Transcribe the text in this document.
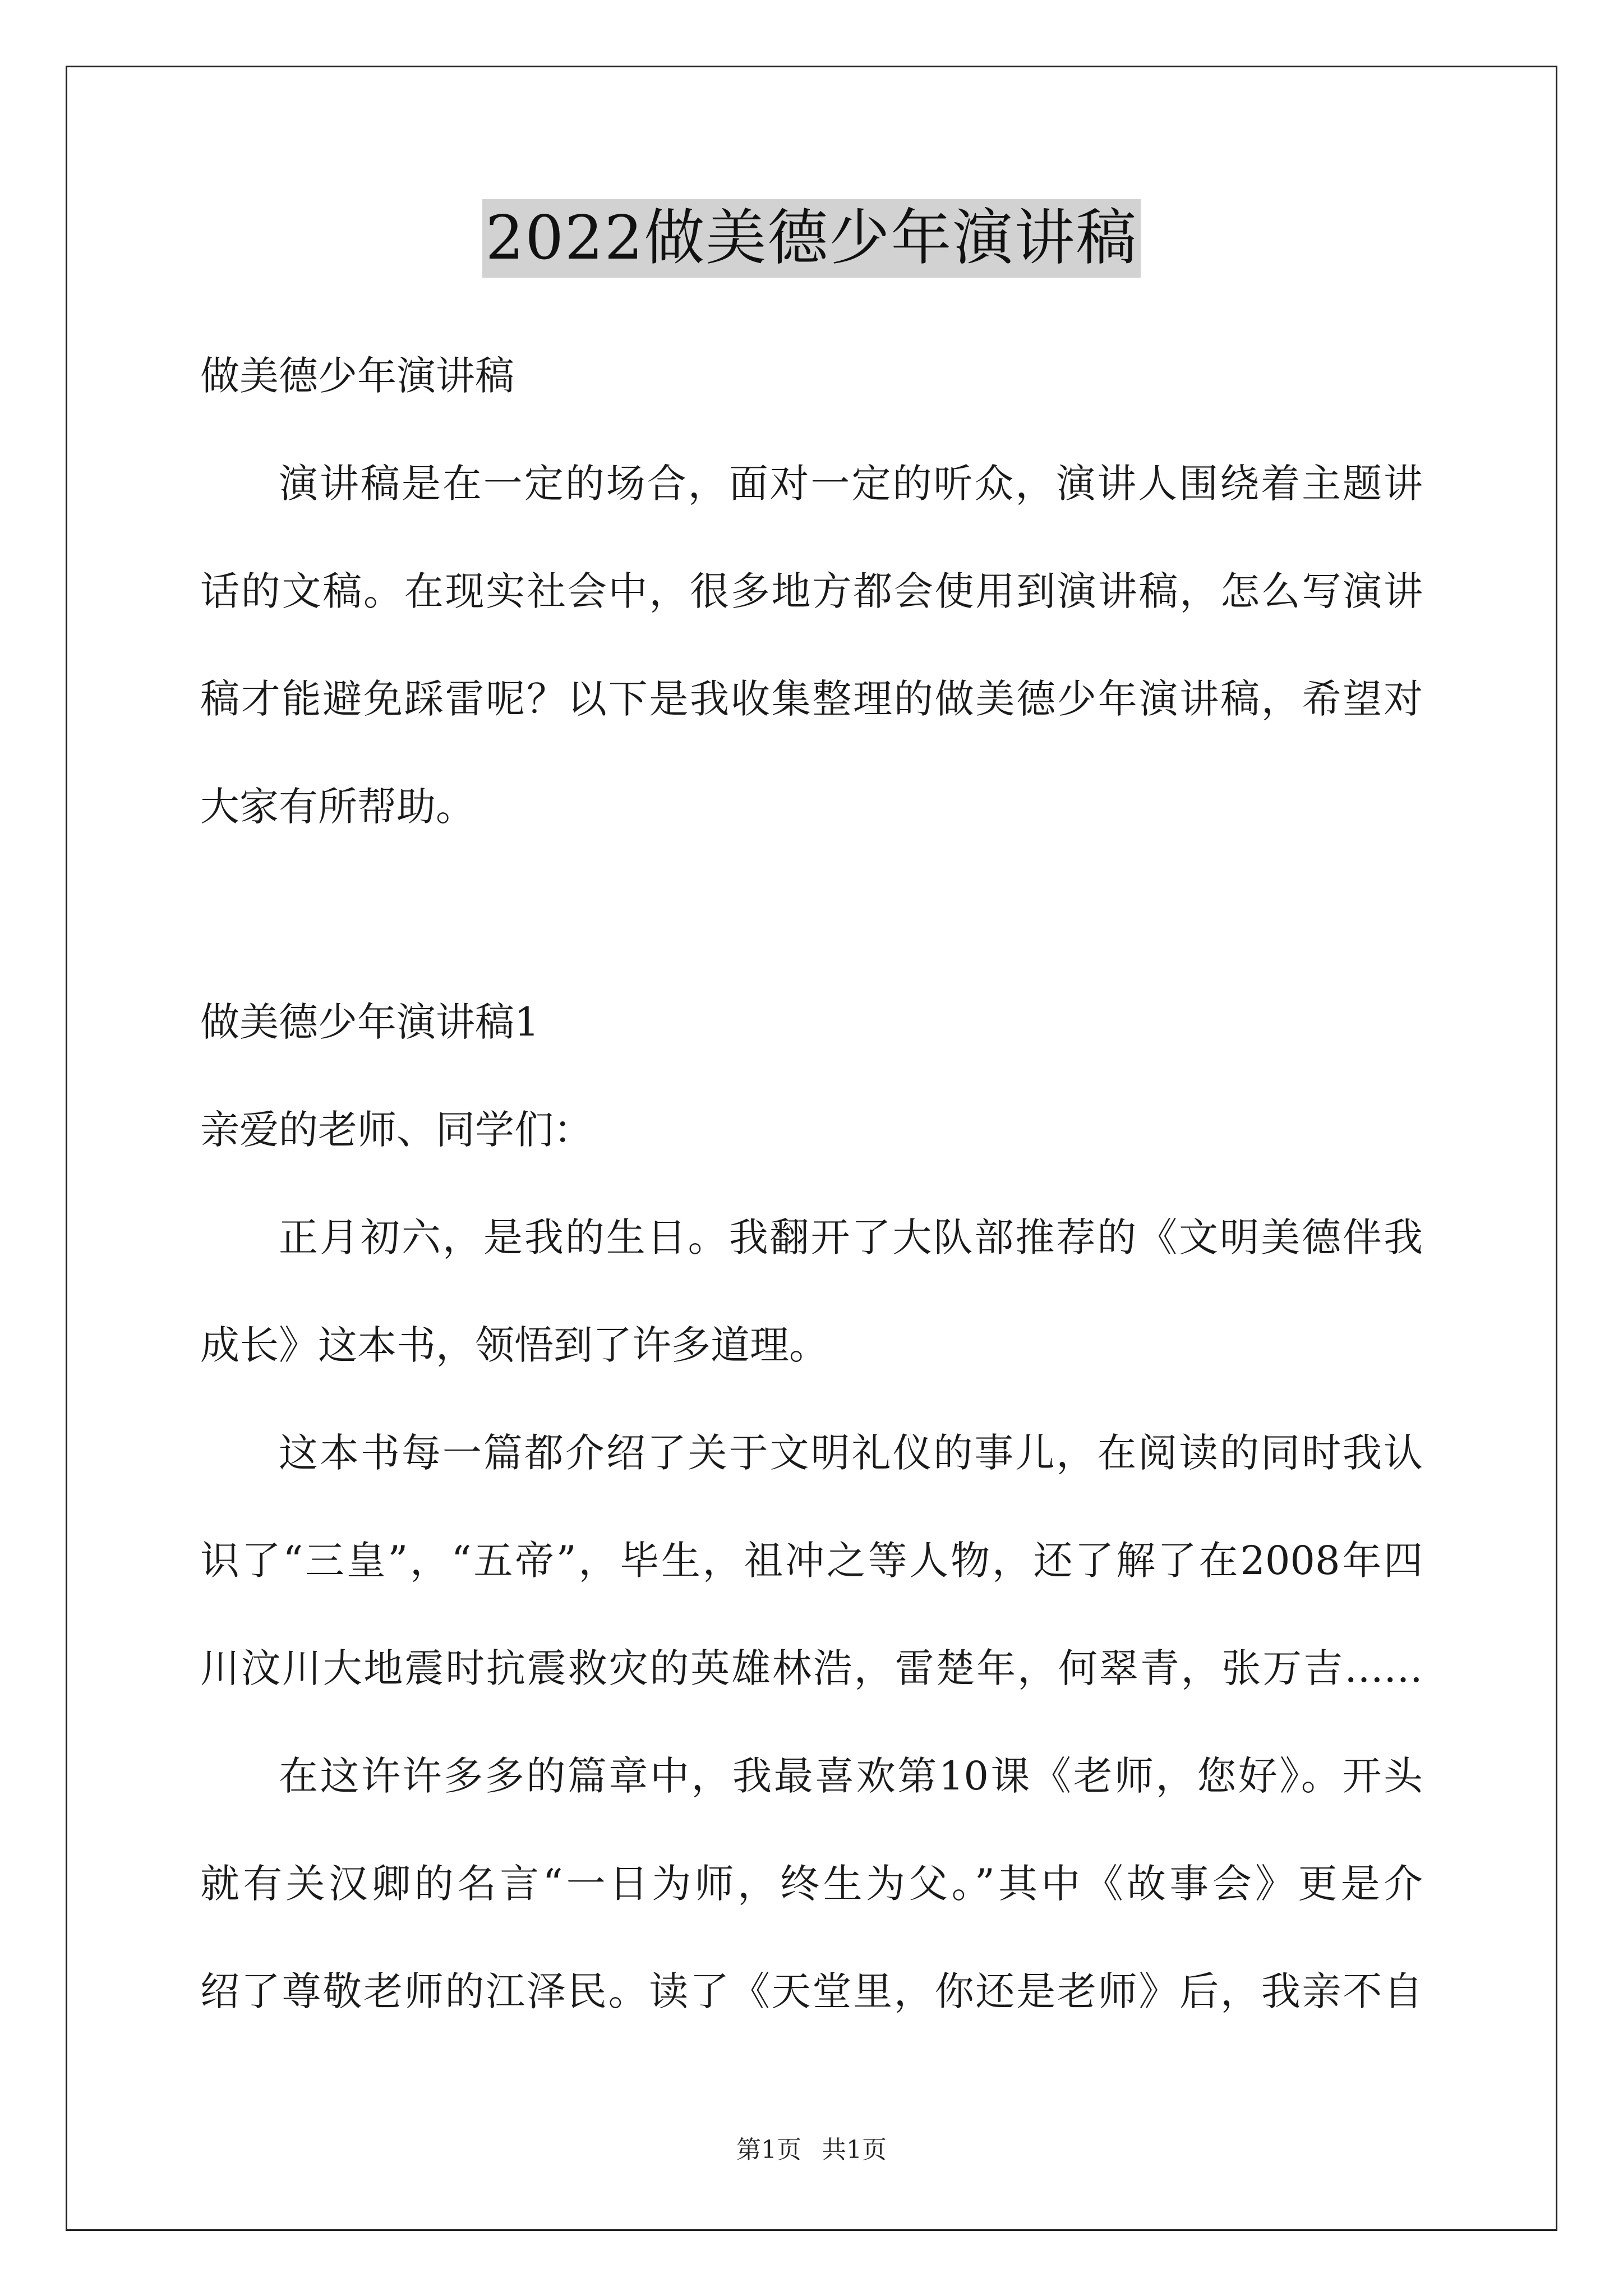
2022做美德少年演讲稿
做美德少年演讲稿
演讲稿是在一定的场合，面对一定的听众，演讲人围绕着主题讲
话的文稿。在现实社会中，很多地方都会使用到演讲稿，怎么写演讲
稿才能避免踩雷呢？以下是我收集整理的做美德少年演讲稿，希望对
大家有所帮助。
做美德少年演讲稿1
亲爱的老师、同学们：
正月初六，是我的生日。我翻开了大队部推荐的《文明美德伴我
成长》这本书，领悟到了许多道理。
这本书每一篇都介绍了关于文明礼仪的事儿，在阅读的同时我认
识了“三皇”，“五帝”，毕生，祖冲之等人物，还了解了在2008年四
川汶川大地震时抗震救灾的英雄林浩，雷楚年，何翠青，张万吉……
在这许许多多的篇章中，我最喜欢第10课《老师，您好》。开头
就有关汉卿的名言“一日为师，终生为父。”其中《故事会》更是介
绍了尊敬老师的江泽民。读了《天堂里，你还是老师》后，我亲不自
第1页 共1页
